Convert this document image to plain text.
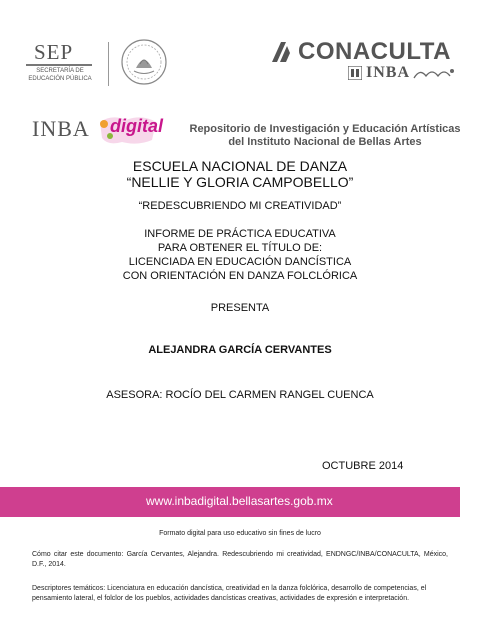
SEP
SECRETARÍA DE
EDUCACIÓN PÚBLICA
CONACULTA
INBA
INBA digital	Repositorio de Investigación y Educación Artísticas
del Instituto Nacional de Bellas Artes
ESCUELA NACIONAL DE DANZA
“NELLIE Y GLORIA CAMPOBELLO”
“REDESCUBRIENDO MI CREATIVIDAD”
INFORME DE PRÁCTICA EDUCATIVA
PARA OBTENER EL TÍTULO DE:
LICENCIADA EN EDUCACIÓN DANCÍSTICA
CON ORIENTACIÓN EN DANZA FOLCLÓRICA
PRESENTA
ALEJANDRA GARCÍA CERVANTES
ASESORA: ROCÍO DEL CARMEN RANGEL CUENCA
OCTUBRE 2014
www.inbadigital.bellasartes.gob.mx
Formato digital para uso educativo sin fines de lucro
Cómo citar este documento: García Cervantes, Alejandra. Redescubriendo mi creatividad, ENDNGC/INBA/CONACULTA, México, D.F., 2014.
Descriptores temáticos: Licenciatura en educación dancística, creatividad en la danza folclórica, desarrollo de competencias, el pensamiento lateral, el folclor de los pueblos, actividades dancísticas creativas, actividades de expresión e interpretación.
